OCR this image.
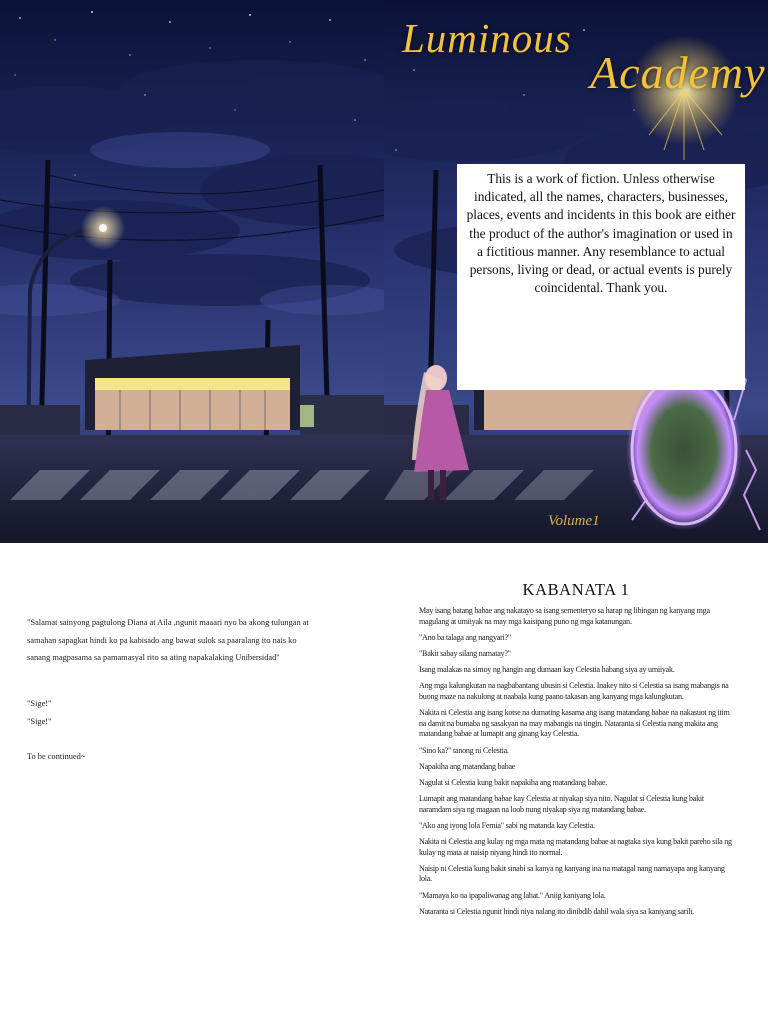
Luminous
Academy
Volume1
This is a work of fiction. Unless otherwise indicated, all the names, characters, businesses, places, events and incidents in this book are either the product of the author's imagination or used in a fictitious manner. Any resemblance to actual persons, living or dead, or actual events is purely coincidental. Thank you.

"Salamat sainyong pagtulong Diana at Aila ,ngunit maaari nyo ba akong tulungan at samahan sapagkat hindi ko pa kabisado ang bawat sulok sa paaralang ito nais ko sanang magpasama sa pamamasyal rito sa ating napakalaking Unibersidad"

"Sige!"

"Sige!"

To be continued~

KABANATA 1

May isang batang babae ang nakatayo sa isang sementeryo sa harap ng libingan ng kanyang mga magulang at umiiyak na may mga kaisipang puno ng mga katanungan.

"Ano ba talaga ang nangyari?"

"Bakit sabay silang namatay?"

Isang malakas na simoy ng hangin ang dumaan kay Celestia habang siya ay umiiyak.

Ang mga kalungkutan na nagbabantang ubusin si Celestia. Inakey nito si Celestia sa isang mabangis na buong maze na nakulong at naabala kung paano takasan ang kanyang mga kalungkutan.

Nakita ni Celestia ang isang kotse na dumating kasama ang isang matandang babae na nakasuot ng itim na damit na bumaba ng sasakyan na may mabangis na tingin. Nataranta si Celestia nang makita ang matandang babae at lumapit ang ginang kay Celestia.

"Sino ka?" tanong ni Celestia.

Napakiha ang matandang babae

Nagulat si Celestia kung bakit napakiha ang matandang babae.

Lumapit ang matandang babae kay Celestia at niyakap siya nito. Nagulat si Celestia kung bakit naramdam siya ng magaan na loob nung niyakap siya ng matandang babae.

"Ako ang iyong lola Fernia" sabi ng matanda kay Celestia.

Nakita ni Celestia ang kulay ng mga mata ng matandang babae at nagtaka siya kung bakit pareho sila ng kulay ng mata at naisip niyang hindi ito normal.

Naisip ni Celestia kung bakit sinabi sa kanya ng kanyang ina na matagal nang namayapa ang kanyang lola.

"Mamaya ko na ipapaliwanag ang lahat." Aniig kaniyang lola.

Nataranta si Celestia ngunit hindi niya nalang ito dinibdib dahil wala siya sa kaniyang sarili.
